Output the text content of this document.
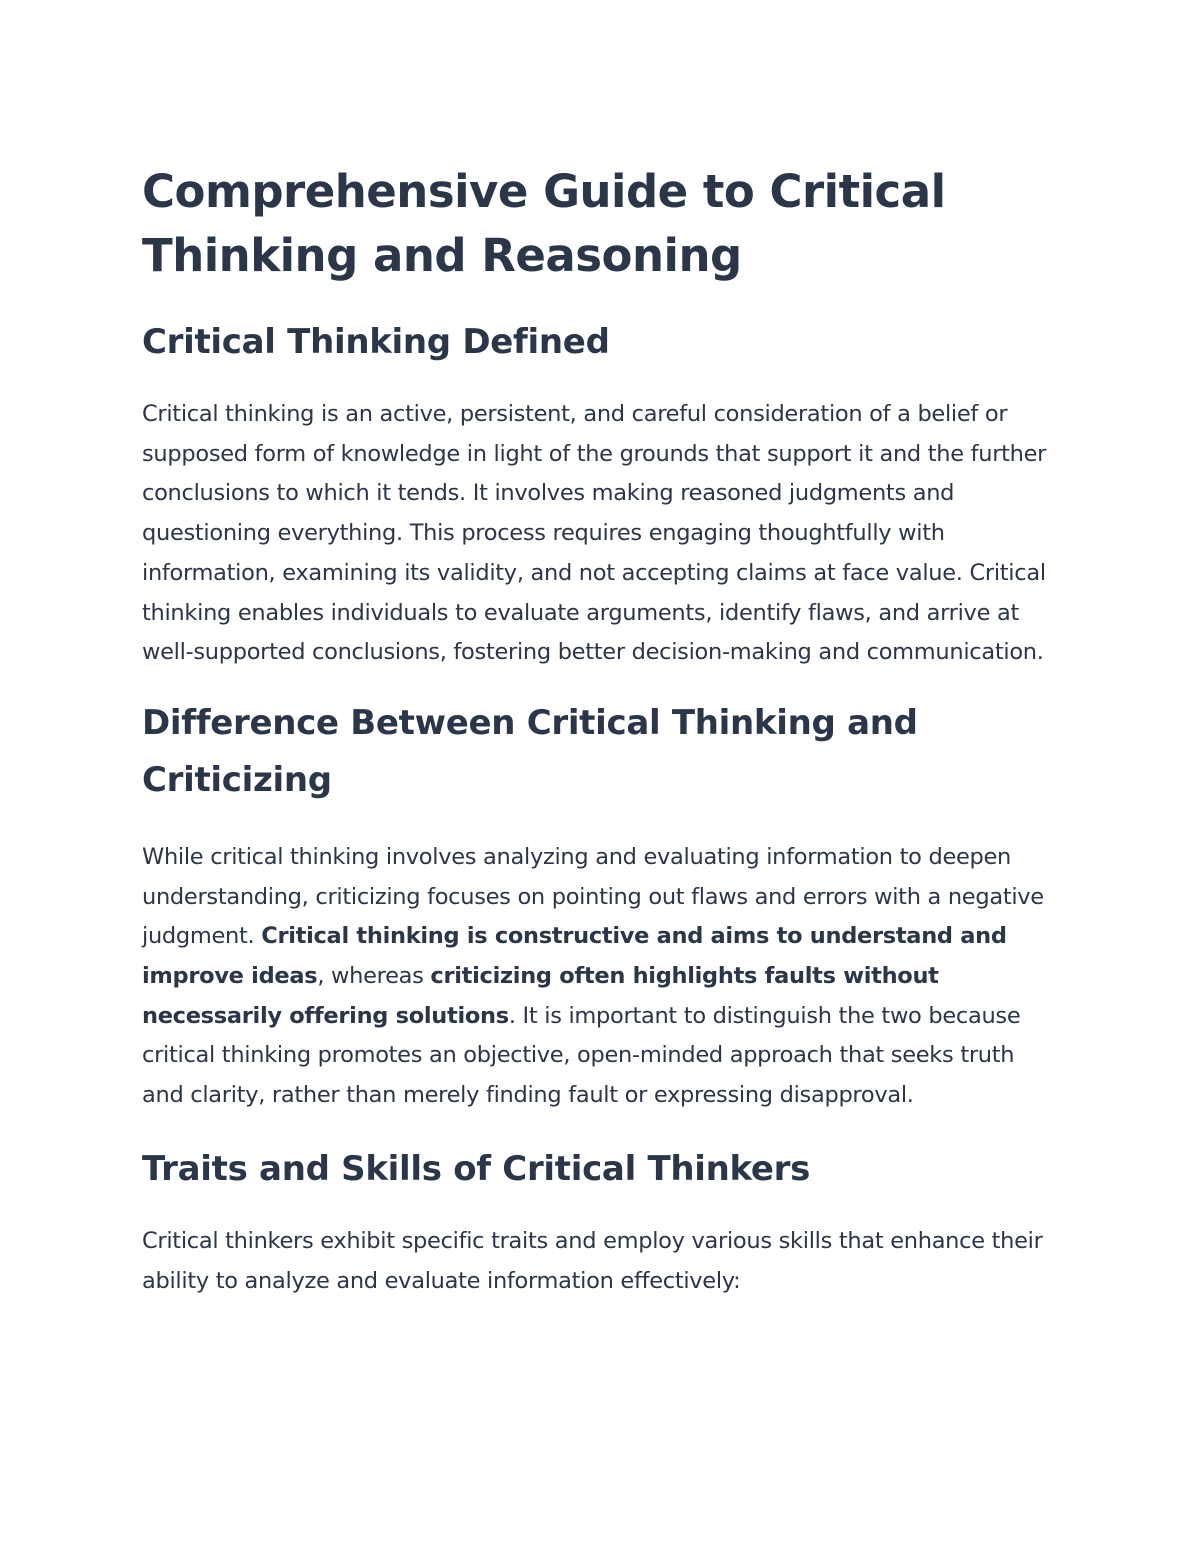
Comprehensive Guide to Critical Thinking and Reasoning
Critical Thinking Defined

Critical thinking is an active, persistent, and careful consideration of a belief or supposed form of knowledge in light of the grounds that support it and the further conclusions to which it tends. It involves making reasoned judgments and questioning everything. This process requires engaging thoughtfully with information, examining its validity, and not accepting claims at face value. Critical thinking enables individuals to evaluate arguments, identify flaws, and arrive at well-supported conclusions, fostering better decision-making and communication.

Difference Between Critical Thinking and Criticizing

While critical thinking involves analyzing and evaluating information to deepen understanding, criticizing focuses on pointing out flaws and errors with a negative judgment. Critical thinking is constructive and aims to understand and improve ideas, whereas criticizing often highlights faults without necessarily offering solutions. It is important to distinguish the two because critical thinking promotes an objective, open-minded approach that seeks truth and clarity, rather than merely finding fault or expressing disapproval.

Traits and Skills of Critical Thinkers

Critical thinkers exhibit specific traits and employ various skills that enhance their ability to analyze and evaluate information effectively:
